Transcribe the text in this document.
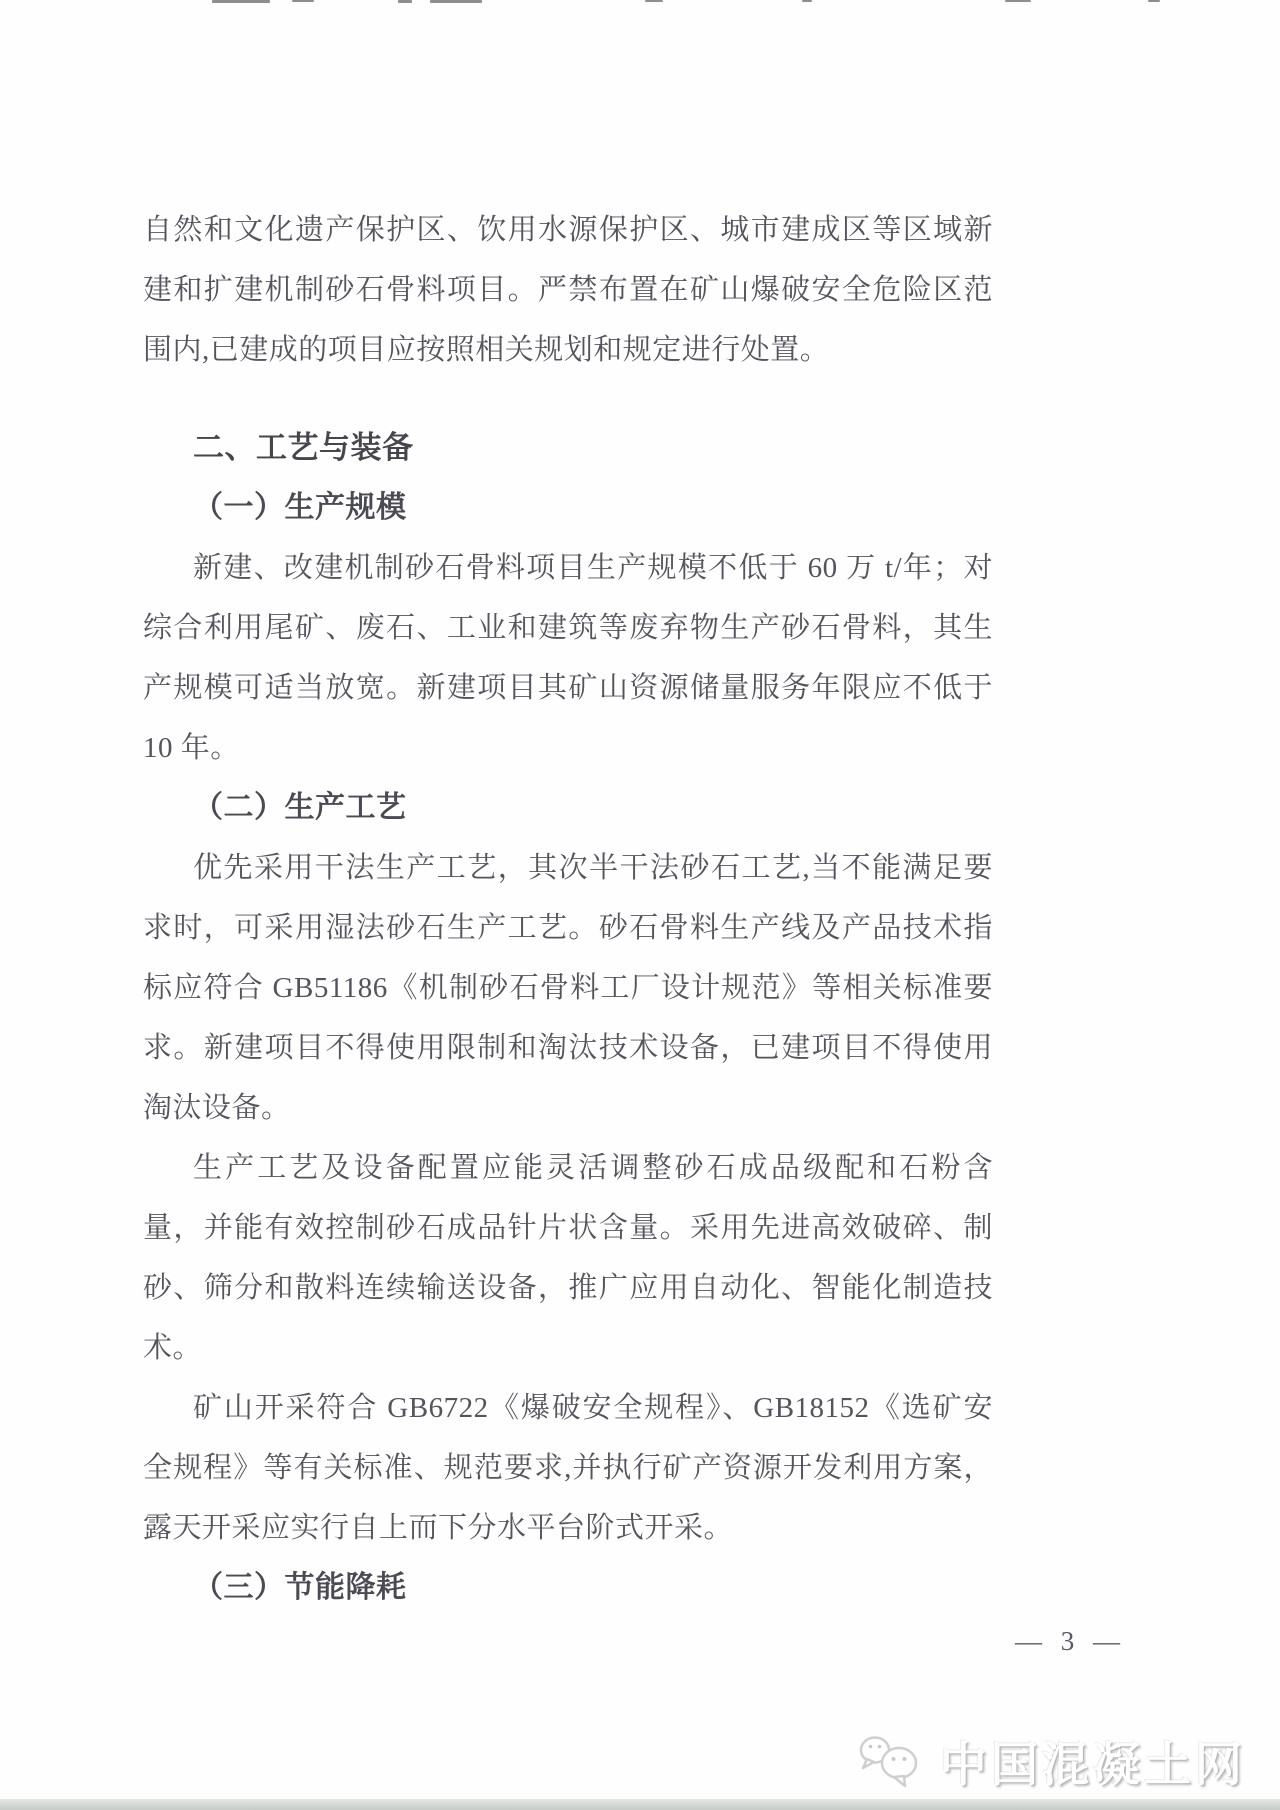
自然和文化遗产保护区、饮用水源保护区、城市建成区等区域新
建和扩建机制砂石骨料项目。严禁布置在矿山爆破安全危险区范
围内,已建成的项目应按照相关规划和规定进行处置。
二、工艺与装备
（一）生产规模
新建、改建机制砂石骨料项目生产规模不低于 60 万 t/年；对
综合利用尾矿、废石、工业和建筑等废弃物生产砂石骨料，其生
产规模可适当放宽。新建项目其矿山资源储量服务年限应不低于
10 年。
（二）生产工艺
优先采用干法生产工艺，其次半干法砂石工艺,当不能满足要
求时，可采用湿法砂石生产工艺。砂石骨料生产线及产品技术指
标应符合 GB51186《机制砂石骨料工厂设计规范》等相关标准要
求。新建项目不得使用限制和淘汰技术设备，已建项目不得使用
淘汰设备。
生产工艺及设备配置应能灵活调整砂石成品级配和石粉含
量，并能有效控制砂石成品针片状含量。采用先进高效破碎、制
砂、筛分和散料连续输送设备，推广应用自动化、智能化制造技
术。
矿山开采符合 GB6722《爆破安全规程》、GB18152《选矿安
全规程》等有关标准、规范要求,并执行矿产资源开发利用方案，
露天开采应实行自上而下分水平台阶式开采。
（三）节能降耗
— 3 —
中国混凝土网
